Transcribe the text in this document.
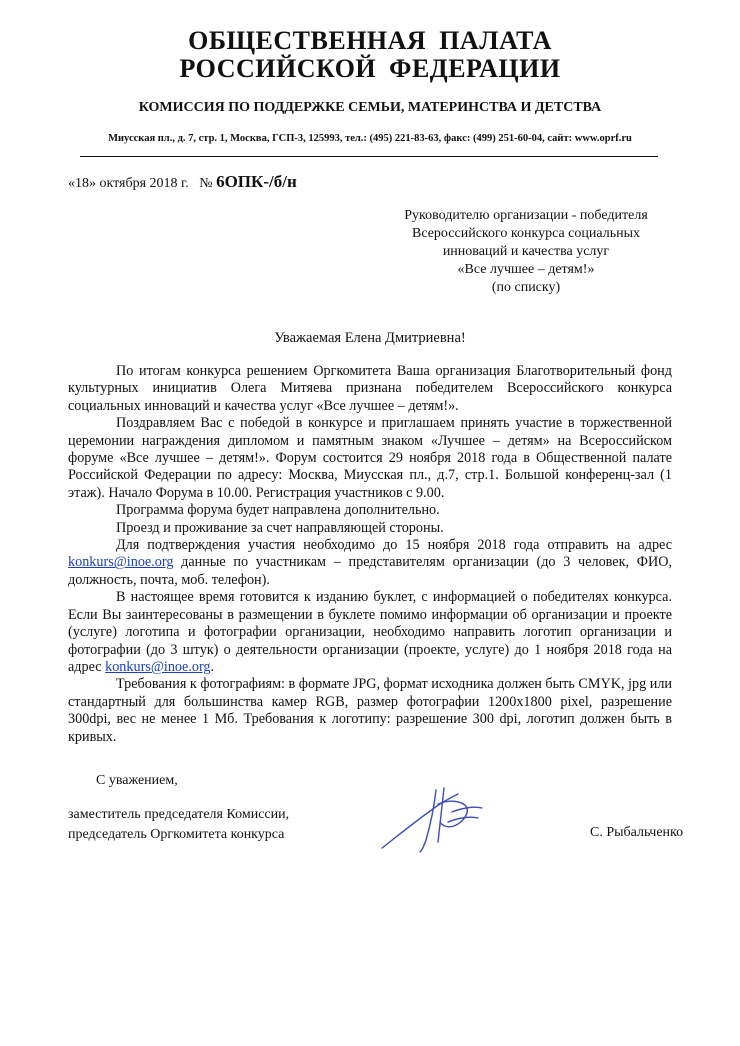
ОБЩЕСТВЕННАЯ ПАЛАТА
РОССИЙСКОЙ ФЕДЕРАЦИИ
КОМИССИЯ ПО ПОДДЕРЖКЕ СЕМЬИ, МАТЕРИНСТВА И ДЕТСТВА
Миусская пл., д. 7, стр. 1, Москва, ГСП-3, 125993, тел.: (495) 221-83-63, факс: (499) 251-60-04, сайт: www.oprf.ru
«18» октября 2018 г. № 6ОПК-/б/н
Руководителю организации - победителя
Всероссийского конкурса социальных
инноваций и качества услуг
«Все лучшее – детям!»
(по списку)
Уважаемая Елена Дмитриевна!

По итогам конкурса решением Оргкомитета Ваша организация Благотворительный фонд культурных инициатив Олега Митяева признана победителем Всероссийского конкурса социальных инноваций и качества услуг «Все лучшее – детям!».

Поздравляем Вас с победой в конкурсе и приглашаем принять участие в торжественной церемонии награждения дипломом и памятным знаком «Лучшее – детям» на Всероссийском форуме «Все лучшее – детям!». Форум состоится 29 ноября 2018 года в Общественной палате Российской Федерации по адресу: Москва, Миусская пл., д.7, стр.1. Большой конференц-зал (1 этаж). Начало Форума в 10.00. Регистрация участников с 9.00.

Программа форума будет направлена дополнительно.

Проезд и проживание за счет направляющей стороны.

Для подтверждения участия необходимо до 15 ноября 2018 года отправить на адрес konkurs@inoe.org данные по участникам – представителям организации (до 3 человек, ФИО, должность, почта, моб. телефон).

В настоящее время готовится к изданию буклет, с информацией о победителях конкурса. Если Вы заинтересованы в размещении в буклете помимо информации об организации и проекте (услуге) логотипа и фотографии организации, необходимо направить логотип организации и фотографии (до 3 штук) о деятельности организации (проекте, услуге) до 1 ноября 2018 года на адрес konkurs@inoe.org.

Требования к фотографиям: в формате JPG, формат исходника должен быть CMYK, jpg или стандартный для большинства камер RGB, размер фотографии 1200x1800 pixel, разрешение 300dpi, вес не менее 1 Мб. Требования к логотипу: разрешение 300 dpi, логотип должен быть в кривых.

С уважением,
заместитель председателя Комиссии,
председатель Оргкомитета конкурса	С. Рыбальченко
